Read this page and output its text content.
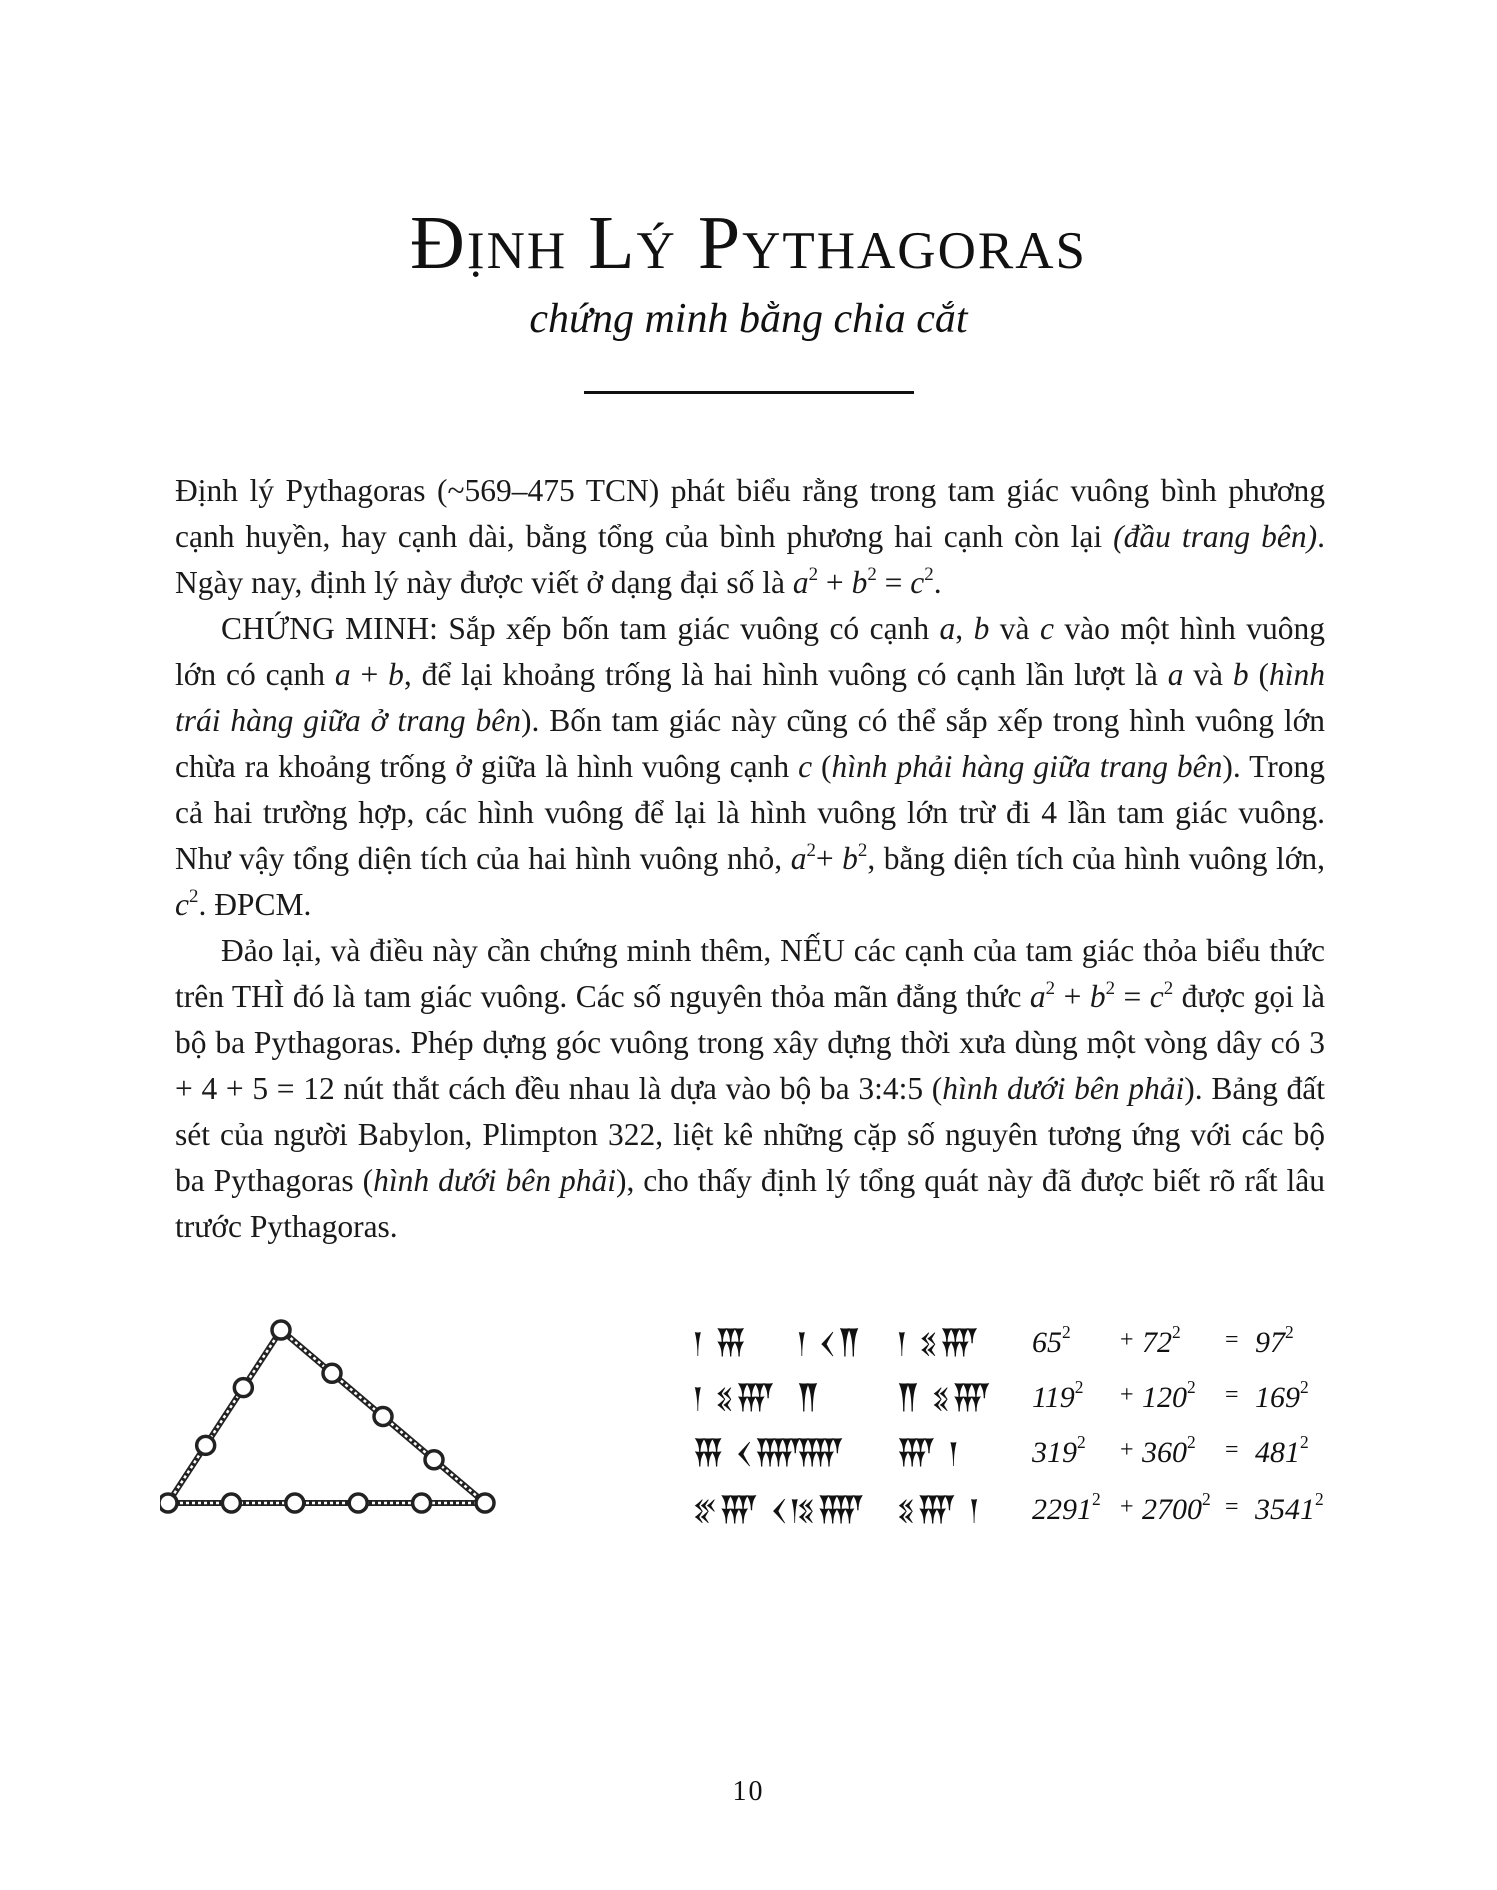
Định Lý Pythagoras
chứng minh bằng chia cắt

Định lý Pythagoras (~569–475 TCN) phát biểu rằng trong tam giác vuông bình phương cạnh huyền, hay cạnh dài, bằng tổng của bình phương hai cạnh còn lại (đầu trang bên). Ngày nay, định lý này được viết ở dạng đại số là $a^2 + b^2 = c^2$.

CHỨNG MINH: Sắp xếp bốn tam giác vuông có cạnh a, b và c vào một hình vuông lớn có cạnh a + b, để lại khoảng trống là hai hình vuông có cạnh lần lượt là a và b (hình trái hàng giữa ở trang bên). Bốn tam giác này cũng có thể sắp xếp trong hình vuông lớn chừa ra khoảng trống ở giữa là hình vuông cạnh c (hình phải hàng giữa trang bên). Trong cả hai trường hợp, các hình vuông để lại là hình vuông lớn trừ đi 4 lần tam giác vuông. Như vậy tổng diện tích của hai hình vuông nhỏ, $a^2+ b^2$, bằng diện tích của hình vuông lớn, $c^2$. ĐPCM.

Đảo lại, và điều này cần chứng minh thêm, NẾU các cạnh của tam giác thỏa biểu thức trên THÌ đó là tam giác vuông. Các số nguyên thỏa mãn đẳng thức $a^2 + b^2 = c^2$ được gọi là bộ ba Pythagoras. Phép dựng góc vuông trong xây dựng thời xưa dùng một vòng dây có 3 + 4 + 5 = 12 nút thắt cách đều nhau là dựa vào bộ ba 3:4:5 (hình dưới bên phải). Bảng đất sét của người Babylon, Plimpton 322, liệt kê những cặp số nguyên tương ứng với các bộ ba Pythagoras (hình dưới bên phải), cho thấy định lý tổng quát này đã được biết rõ rất lâu trước Pythagoras.

𒁹 𒐚 𒁹 𒌋𒐖 𒁹 𒐏𒐛 $65^2 + 72^2 = 97^2$
𒁹 𒐏𒐛 𒐖	𒐖 𒐏𒐛 $119^2 + 120^2 = 169^2$
𒐚 𒌋𒐝
𒐝 𒐛 𒁹 $319^2 + 360^2 = 481^2$
𒐐𒐛 𒌋𒁹
𒐏𒐝 𒐏𒐛 𒁹 $2291^2 + 2700^2 = 3541^2$
10
